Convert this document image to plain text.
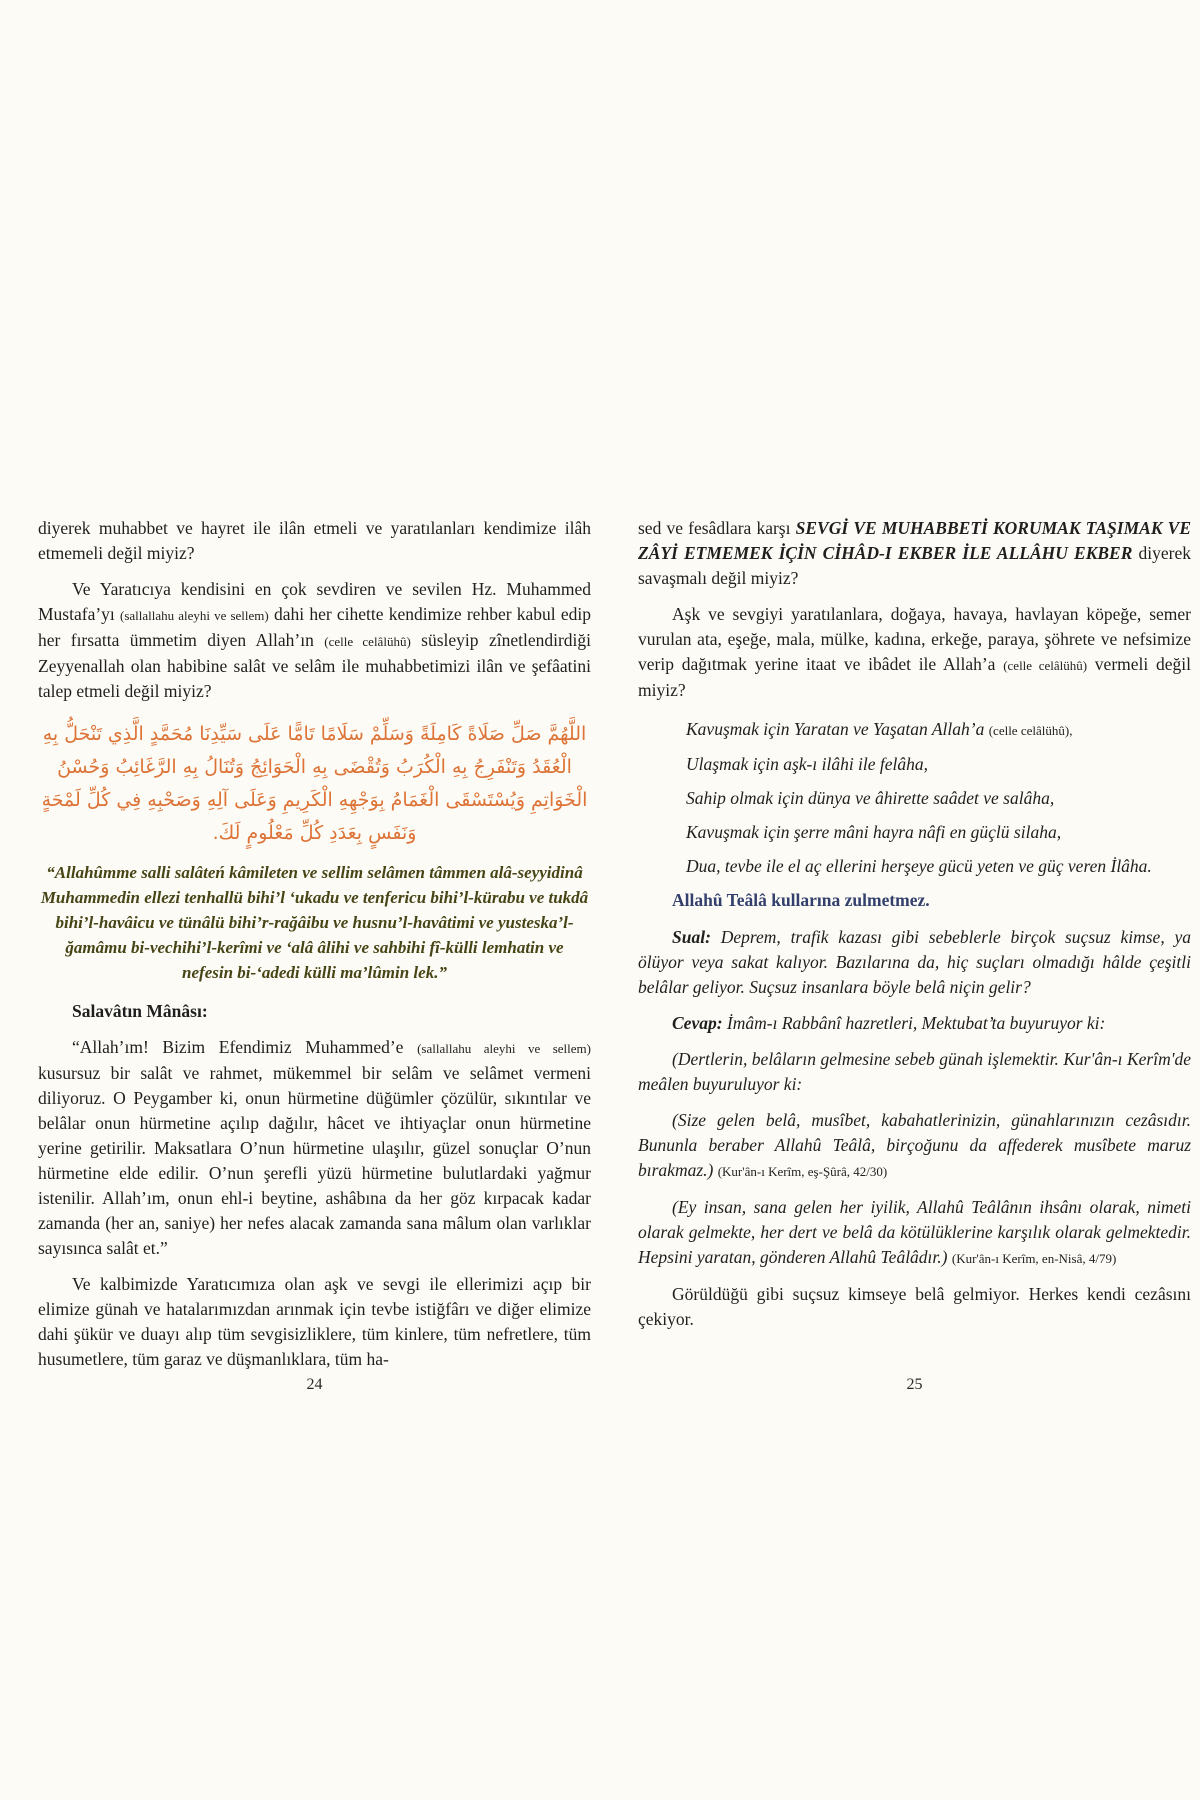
diyerek muhabbet ve hayret ile ilân etmeli ve yaratılanları kendimize ilâh etmemeli değil miyiz?

Ve Yaratıcıya kendisini en çok sevdiren ve sevilen Hz. Muhammed Mustafa’yı (sallallahu aleyhi ve sellem) dahi her cihette kendimize rehber kabul edip her fırsatta ümmetim diyen Allah’ın (celle celâlühû) süsleyip zînetlendirdiği Zeyyenallah olan habibine salât ve selâm ile muhabbetimizi ilân ve şefâatini talep etmeli değil miyiz?

اللَّهُمَّ صَلِّ صَلَاةً كَامِلَةً وَسَلِّمْ سَلَامًا تَامًّا عَلَى سَيِّدِنَا مُحَمَّدٍ الَّذِي تَنْحَلُّ بِهِ الْعُقَدُ وَتَنْفَرِجُ بِهِ الْكُرَبُ وَتُقْضَى بِهِ الْحَوَائِجُ وَتُنَالُ بِهِ الرَّغَائِبُ وَحُسْنُ الْخَوَاتِمِ وَيُسْتَسْقَى الْغَمَامُ بِوَجْهِهِ الْكَرِيمِ وَعَلَى آلِهِ وَصَحْبِهِ فِي كُلِّ لَمْحَةٍ وَنَفَسٍ بِعَدَدِ كُلِّ مَعْلُومٍ لَكَ.

“Allahûmme salli salâteń kâmileten ve sellim selâmen tâmmen alâ-seyyidinâ Muhammedin ellezi tenhallü bihi’l ‘ukadu ve tenfericu bihi’l-kürabu ve tukdâ bihi’l-havâicu ve tünâlü bihi’r-rağâibu ve husnu’l-havâtimi ve yusteska’l-ğamâmu bi-vechihi’l-kerîmi ve ‘alâ âlihi ve sahbihi fî-külli lemhatin ve nefesin bi-‘adedi külli ma’lûmin lek.”

Salavâtın Mânâsı:

“Allah’ım! Bizim Efendimiz Muhammed’e (sallallahu aleyhi ve sellem) kusursuz bir salât ve rahmet, mükemmel bir selâm ve selâmet vermeni diliyoruz. O Peygamber ki, onun hürmetine düğümler çözülür, sıkıntılar ve belâlar onun hürmetine açılıp dağılır, hâcet ve ihtiyaçlar onun hürmetine yerine getirilir. Maksatlara O’nun hürmetine ulaşılır, güzel sonuçlar O’nun hürmetine elde edilir. O’nun şerefli yüzü hürmetine bulutlardaki yağmur istenilir. Allah’ım, onun ehl-i beytine, ashâbına da her göz kırpacak kadar zamanda (her an, saniye) her nefes alacak zamanda sana mâlum olan varlıklar sayısınca salât et.”

Ve kalbimizde Yaratıcımıza olan aşk ve sevgi ile ellerimizi açıp bir elimize günah ve hatalarımızdan arınmak için tevbe istiğfârı ve diğer elimize dahi şükür ve duayı alıp tüm sevgisizliklere, tüm kinlere, tüm nefretlere, tüm husumetlere, tüm garaz ve düşmanlıklara, tüm ha-

sed ve fesâdlara karşı SEVGİ VE MUHABBETİ KORUMAK TAŞIMAK VE ZÂYİ ETMEMEK İÇİN CİHÂD-I EKBER İLE ALLÂHU EKBER diyerek savaşmalı değil miyiz?

Aşk ve sevgiyi yaratılanlara, doğaya, havaya, havlayan köpeğe, semer vurulan ata, eşeğe, mala, mülke, kadına, erkeğe, paraya, şöhrete ve nefsimize verip dağıtmak yerine itaat ve ibâdet ile Allah’a (celle celâlühû) vermeli değil miyiz?

Kavuşmak için Yaratan ve Yaşatan Allah’a (celle celâlühû),

Ulaşmak için aşk-ı ilâhi ile felâha,

Sahip olmak için dünya ve âhirette saâdet ve salâha,

Kavuşmak için şerre mâni hayra nâfi en güçlü silaha,

Dua, tevbe ile el aç ellerini herşeye gücü yeten ve güç veren İlâha.

Allahû Teâlâ kullarına zulmetmez.

Sual: Deprem, trafik kazası gibi sebeblerle birçok suçsuz kimse, ya ölüyor veya sakat kalıyor. Bazılarına da, hiç suçları olmadığı hâlde çeşitli belâlar geliyor. Suçsuz insanlara böyle belâ niçin gelir?

Cevap: İmâm-ı Rabbânî hazretleri, Mektubat’ta buyuruyor ki:

(Dertlerin, belâların gelmesine sebeb günah işlemektir. Kur'ân-ı Kerîm'de meâlen buyuruluyor ki:

(Size gelen belâ, musîbet, kabahatlerinizin, günahlarınızın cezâsıdır. Bununla beraber Allahû Teâlâ, birçoğunu da affederek musîbete maruz bırakmaz.) (Kur'ân-ı Kerîm, eş-Şûrâ, 42/30)

(Ey insan, sana gelen her iyilik, Allahû Teâlânın ihsânı olarak, nimeti olarak gelmekte, her dert ve belâ da kötülüklerine karşılık olarak gelmektedir. Hepsini yaratan, gönderen Allahû Teâlâdır.) (Kur'ân-ı Kerîm, en-Nisâ, 4/79)

Görüldüğü gibi suçsuz kimseye belâ gelmiyor. Herkes kendi cezâsını çekiyor.

24	25
